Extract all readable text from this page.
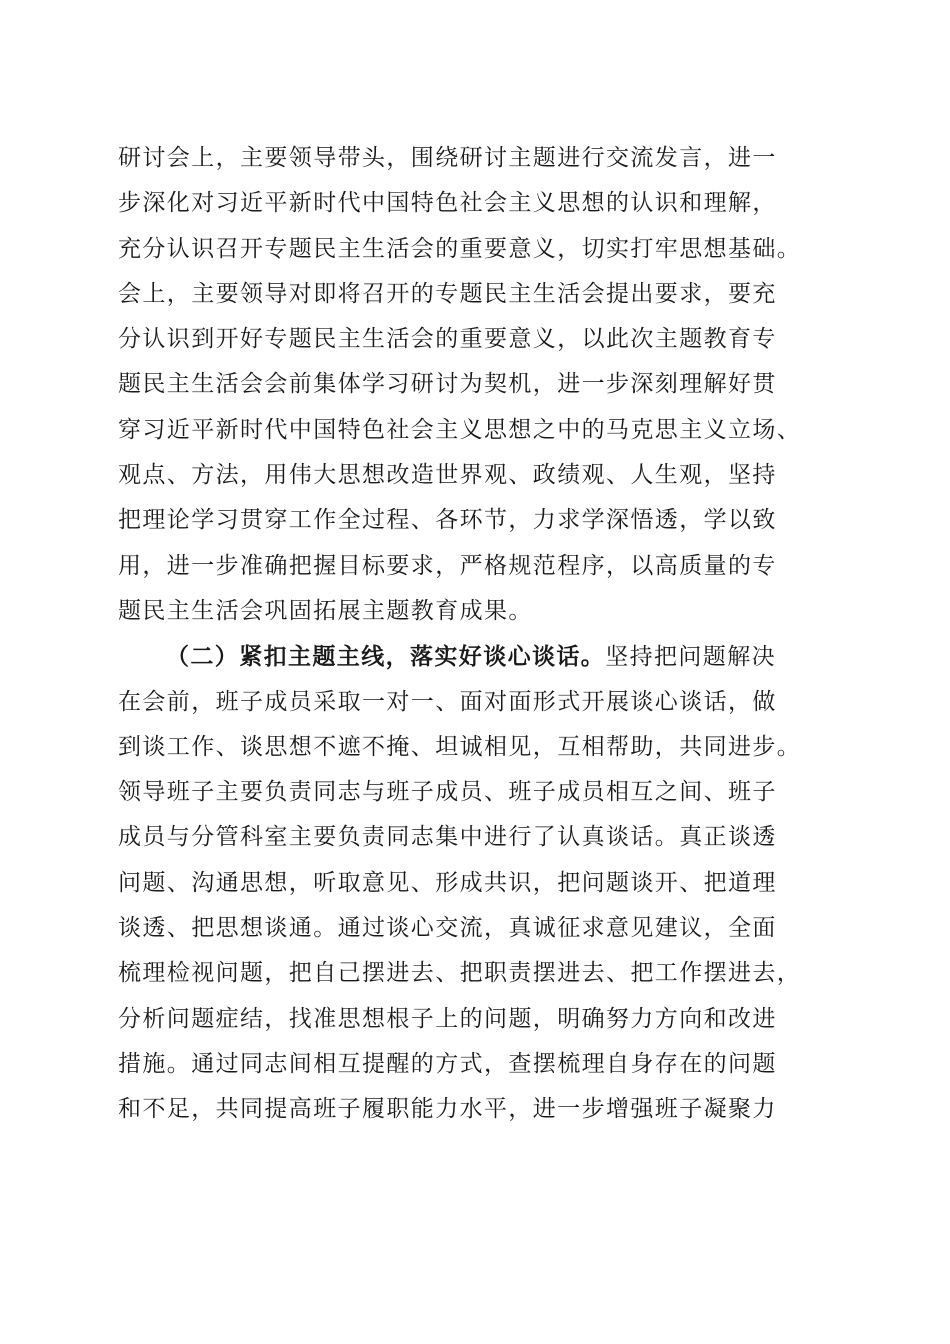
研讨会上，主要领导带头，围绕研讨主题进行交流发言，进一
步深化对习近平新时代中国特色社会主义思想的认识和理解，
充分认识召开专题民主生活会的重要意义，切实打牢思想基础。
会上，主要领导对即将召开的专题民主生活会提出要求，要充
分认识到开好专题民主生活会的重要意义，以此次主题教育专
题民主生活会会前集体学习研讨为契机，进一步深刻理解好贯
穿习近平新时代中国特色社会主义思想之中的马克思主义立场、
观点、方法，用伟大思想改造世界观、政绩观、人生观，坚持
把理论学习贯穿工作全过程、各环节，力求学深悟透，学以致
用，进一步准确把握目标要求，严格规范程序，以高质量的专
题民主生活会巩固拓展主题教育成果。
（二）紧扣主题主线，落实好谈心谈话。坚持把问题解决
在会前，班子成员采取一对一、面对面形式开展谈心谈话，做
到谈工作、谈思想不遮不掩、坦诚相见，互相帮助，共同进步。
领导班子主要负责同志与班子成员、班子成员相互之间、班子
成员与分管科室主要负责同志集中进行了认真谈话。真正谈透
问题、沟通思想，听取意见、形成共识，把问题谈开、把道理
谈透、把思想谈通。通过谈心交流，真诚征求意见建议，全面
梳理检视问题，把自己摆进去、把职责摆进去、把工作摆进去，
分析问题症结，找准思想根子上的问题，明确努力方向和改进
措施。通过同志间相互提醒的方式，查摆梳理自身存在的问题
和不足，共同提高班子履职能力水平，进一步增强班子凝聚力
